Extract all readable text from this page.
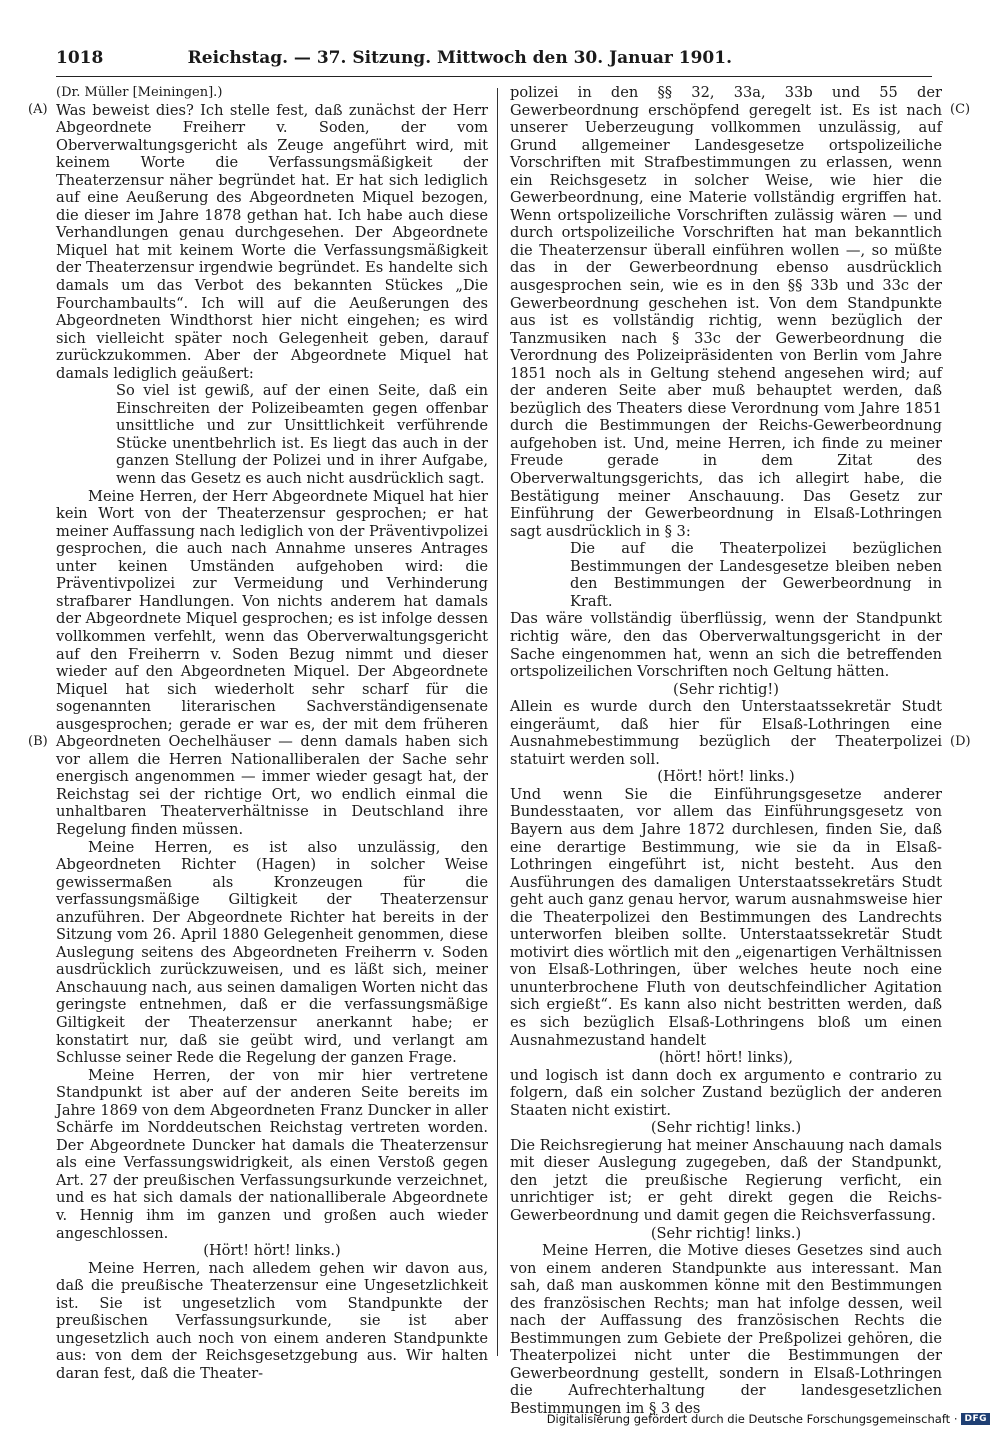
1018	Reichstag. — 37. Sitzung. Mittwoch den 30. Januar 1901.
(A)
(B)
(C)
(D)

(Dr. Müller [Meiningen].)

Was beweist dies? Ich stelle fest, daß zunächst der Herr Abgeordnete Freiherr v. Soden, der vom Oberverwaltungsgericht als Zeuge angeführt wird, mit keinem Worte die Verfassungsmäßigkeit der Theaterzensur näher begründet hat. Er hat sich lediglich auf eine Aeußerung des Abgeordneten Miquel bezogen, die dieser im Jahre 1878 gethan hat. Ich habe auch diese Verhandlungen genau durchgesehen. Der Abgeordnete Miquel hat mit keinem Worte die Verfassungsmäßigkeit der Theaterzensur irgendwie begründet. Es handelte sich damals um das Verbot des bekannten Stückes „Die Fourchambaults“. Ich will auf die Aeußerungen des Abgeordneten Windthorst hier nicht eingehen; es wird sich vielleicht später noch Gelegenheit geben, darauf zurückzukommen. Aber der Abgeordnete Miquel hat damals lediglich geäußert:

So viel ist gewiß, auf der einen Seite, daß ein Einschreiten der Polizeibeamten gegen offenbar unsittliche und zur Unsittlichkeit verführende Stücke unentbehrlich ist. Es liegt das auch in der ganzen Stellung der Polizei und in ihrer Aufgabe, wenn das Gesetz es auch nicht ausdrücklich sagt.

Meine Herren, der Herr Abgeordnete Miquel hat hier kein Wort von der Theaterzensur gesprochen; er hat meiner Auffassung nach lediglich von der Präventivpolizei gesprochen, die auch nach Annahme unseres Antrages unter keinen Umständen aufgehoben wird: die Präventivpolizei zur Vermeidung und Verhinderung strafbarer Handlungen. Von nichts anderem hat damals der Abgeordnete Miquel gesprochen; es ist infolge dessen vollkommen verfehlt, wenn das Oberverwaltungsgericht auf den Freiherrn v. Soden Bezug nimmt und dieser wieder auf den Abgeordneten Miquel. Der Abgeordnete Miquel hat sich wiederholt sehr scharf für die sogenannten literarischen Sachverständigensenate ausgesprochen; gerade er war es, der mit dem früheren Abgeordneten Oechelhäuser — denn damals haben sich vor allem die Herren Nationalliberalen der Sache sehr energisch angenommen — immer wieder gesagt hat, der Reichstag sei der richtige Ort, wo endlich einmal die unhaltbaren Theaterverhältnisse in Deutschland ihre Regelung finden müssen.

Meine Herren, es ist also unzulässig, den Abgeordneten Richter (Hagen) in solcher Weise gewissermaßen als Kronzeugen für die verfassungsmäßige Giltigkeit der Theaterzensur anzuführen. Der Abgeordnete Richter hat bereits in der Sitzung vom 26. April 1880 Gelegenheit genommen, diese Auslegung seitens des Abgeordneten Freiherrn v. Soden ausdrücklich zurückzuweisen, und es läßt sich, meiner Anschauung nach, aus seinen damaligen Worten nicht das geringste entnehmen, daß er die verfassungsmäßige Giltigkeit der Theaterzensur anerkannt habe; er konstatirt nur, daß sie geübt wird, und verlangt am Schlusse seiner Rede die Regelung der ganzen Frage.

Meine Herren, der von mir hier vertretene Standpunkt ist aber auf der anderen Seite bereits im Jahre 1869 von dem Abgeordneten Franz Duncker in aller Schärfe im Norddeutschen Reichstag vertreten worden. Der Abgeordnete Duncker hat damals die Theaterzensur als eine Verfassungswidrigkeit, als einen Verstoß gegen Art. 27 der preußischen Verfassungsurkunde verzeichnet, und es hat sich damals der nationalliberale Abgeordnete v. Hennig ihm im ganzen und großen auch wieder angeschlossen.

(Hört! hört! links.)

Meine Herren, nach alledem gehen wir davon aus, daß die preußische Theaterzensur eine Ungesetzlichkeit ist. Sie ist ungesetzlich vom Standpunkte der preußischen Verfassungsurkunde, sie ist aber ungesetzlich auch noch von einem anderen Standpunkte aus: von dem der Reichsgesetzgebung aus. Wir halten daran fest, daß die Theater-

polizei in den §§ 32, 33a, 33b und 55 der Gewerbeordnung erschöpfend geregelt ist. Es ist nach unserer Ueberzeugung vollkommen unzulässig, auf Grund allgemeiner Landesgesetze ortspolizeiliche Vorschriften mit Strafbestimmungen zu erlassen, wenn ein Reichsgesetz in solcher Weise, wie hier die Gewerbeordnung, eine Materie vollständig ergriffen hat. Wenn ortspolizeiliche Vorschriften zulässig wären — und durch ortspolizeiliche Vorschriften hat man bekanntlich die Theaterzensur überall einführen wollen —, so müßte das in der Gewerbeordnung ebenso ausdrücklich ausgesprochen sein, wie es in den §§ 33b und 33c der Gewerbeordnung geschehen ist. Von dem Standpunkte aus ist es vollständig richtig, wenn bezüglich der Tanzmusiken nach § 33c der Gewerbeordnung die Verordnung des Polizeipräsidenten von Berlin vom Jahre 1851 noch als in Geltung stehend angesehen wird; auf der anderen Seite aber muß behauptet werden, daß bezüglich des Theaters diese Verordnung vom Jahre 1851 durch die Bestimmungen der Reichs-Gewerbeordnung aufgehoben ist. Und, meine Herren, ich finde zu meiner Freude gerade in dem Zitat des Oberverwaltungsgerichts, das ich allegirt habe, die Bestätigung meiner Anschauung. Das Gesetz zur Einführung der Gewerbeordnung in Elsaß-Lothringen sagt ausdrücklich in § 3:

Die auf die Theaterpolizei bezüglichen Bestimmungen der Landesgesetze bleiben neben den Bestimmungen der Gewerbeordnung in Kraft.

Das wäre vollständig überflüssig, wenn der Standpunkt richtig wäre, den das Oberverwaltungsgericht in der Sache eingenommen hat, wenn an sich die betreffenden ortspolizeilichen Vorschriften noch Geltung hätten.

(Sehr richtig!)

Allein es wurde durch den Unterstaatssekretär Studt eingeräumt, daß hier für Elsaß-Lothringen eine Ausnahmebestimmung bezüglich der Theaterpolizei statuirt werden soll.

(Hört! hört! links.)

Und wenn Sie die Einführungsgesetze anderer Bundesstaaten, vor allem das Einführungsgesetz von Bayern aus dem Jahre 1872 durchlesen, finden Sie, daß eine derartige Bestimmung, wie sie da in Elsaß-Lothringen eingeführt ist, nicht besteht. Aus den Ausführungen des damaligen Unterstaatssekretärs Studt geht auch ganz genau hervor, warum ausnahmsweise hier die Theaterpolizei den Bestimmungen des Landrechts unterworfen bleiben sollte. Unterstaatssekretär Studt motivirt dies wörtlich mit den „eigenartigen Verhältnissen von Elsaß-Lothringen, über welches heute noch eine ununterbrochene Fluth von deutschfeindlicher Agitation sich ergießt“. Es kann also nicht bestritten werden, daß es sich bezüglich Elsaß-Lothringens bloß um einen Ausnahmezustand handelt

(hört! hört! links),

und logisch ist dann doch ex argumento e contrario zu folgern, daß ein solcher Zustand bezüglich der anderen Staaten nicht existirt.

(Sehr richtig! links.)

Die Reichsregierung hat meiner Anschauung nach damals mit dieser Auslegung zugegeben, daß der Standpunkt, den jetzt die preußische Regierung verficht, ein unrichtiger ist; er geht direkt gegen die Reichs-Gewerbeordnung und damit gegen die Reichsverfassung.

(Sehr richtig! links.)

Meine Herren, die Motive dieses Gesetzes sind auch von einem anderen Standpunkte aus interessant. Man sah, daß man auskommen könne mit den Bestimmungen des französischen Rechts; man hat infolge dessen, weil nach der Auffassung des französischen Rechts die Bestimmungen zum Gebiete der Preßpolizei gehören, die Theaterpolizei nicht unter die Bestimmungen der Gewerbeordnung gestellt, sondern in Elsaß-Lothringen die Aufrechterhaltung der landesgesetzlichen Bestimmungen im § 3 des

Digitalisierung gefördert durch die Deutsche Forschungsgemeinschaft · DFG
